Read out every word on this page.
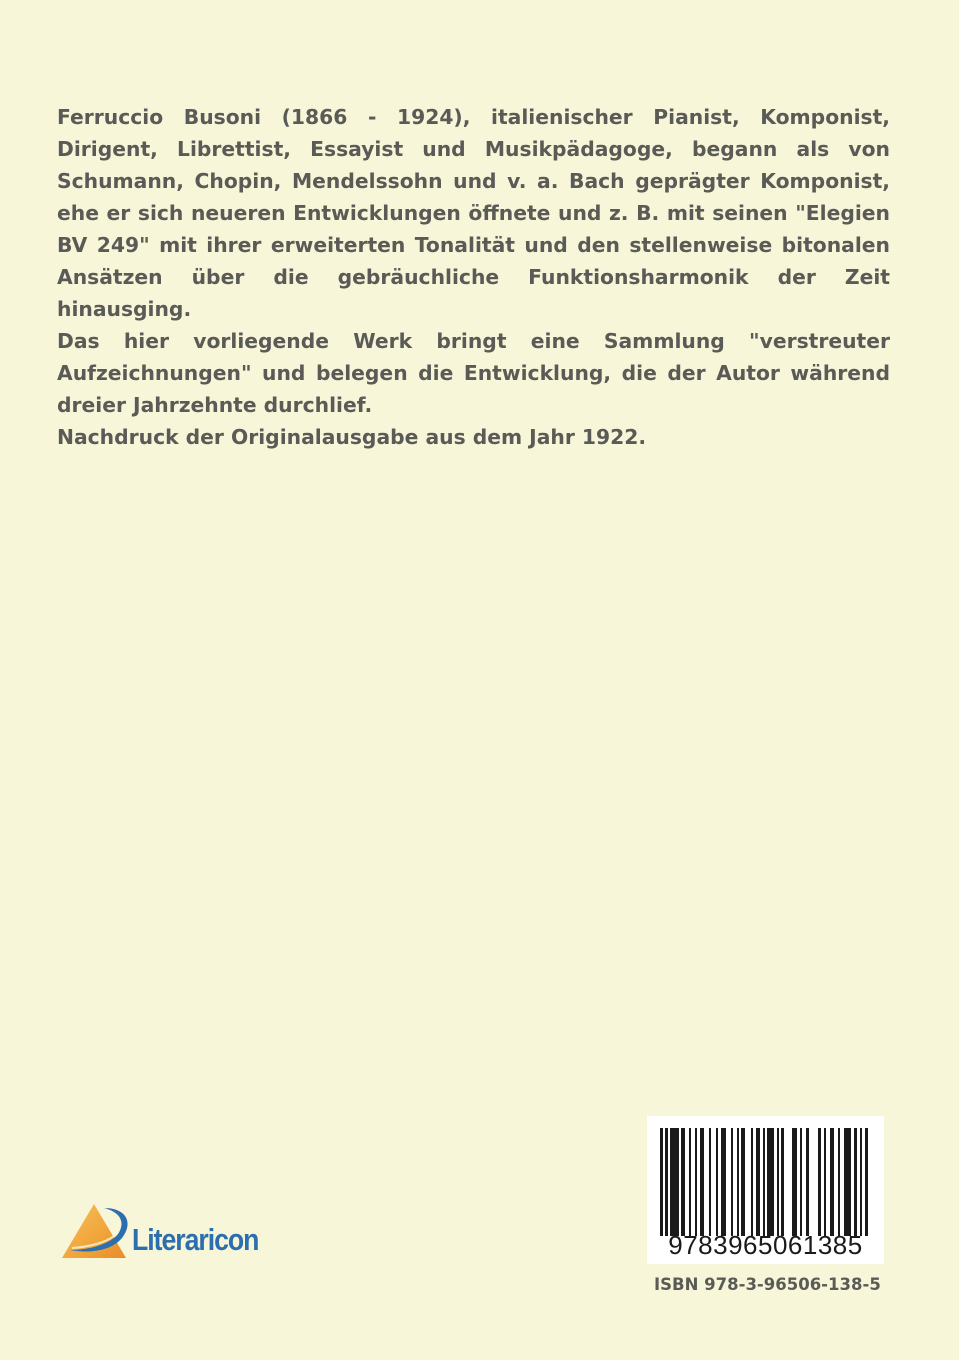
Ferruccio Busoni (1866 - 1924), italienischer Pianist, Komponist, Dirigent, Librettist, Essayist und Musikpädagoge, begann als von Schumann, Chopin, Mendelssohn und v. a. Bach geprägter Komponist, ehe er sich neueren Entwicklungen öffnete und z. B. mit seinen "Elegien BV 249" mit ihrer erweiterten Tonalität und den stellenweise bitonalen Ansätzen über die gebräuchliche Funktionsharmonik der Zeit hinausging.

Das hier vorliegende Werk bringt eine Sammlung "verstreuter Aufzeichnungen" und belegen die Entwicklung, die der Autor während dreier Jahrzehnte durchlief.

Nachdruck der Originalausgabe aus dem Jahr 1922.

Literaricon	9783965061385
ISBN 978-3-96506-138-5
